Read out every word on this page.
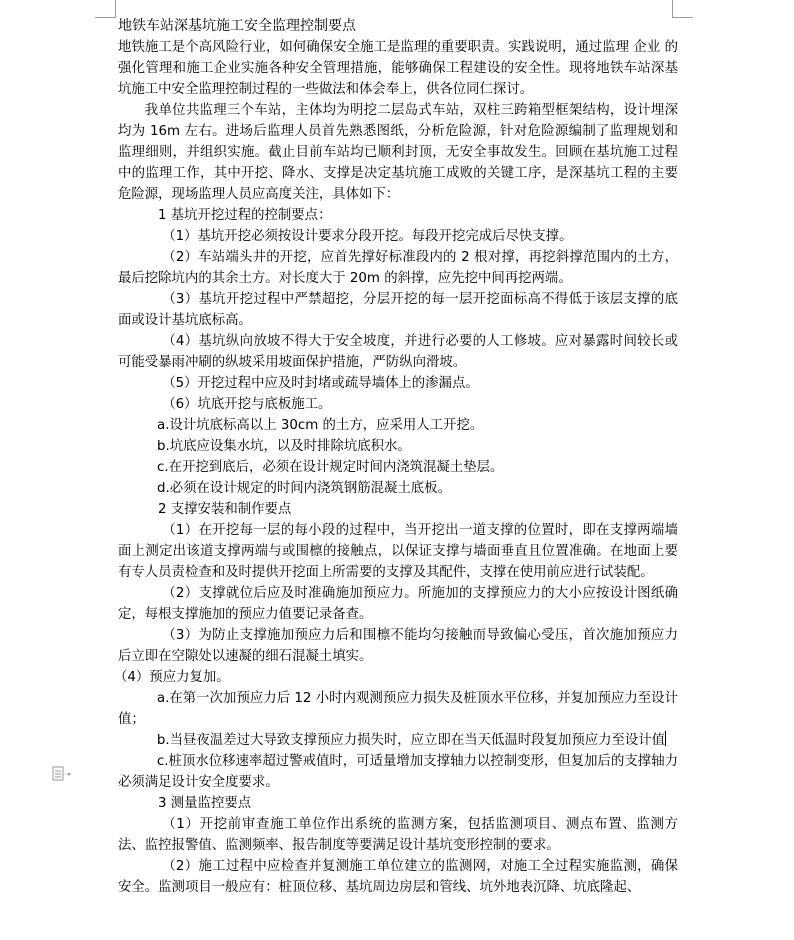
地铁车站深基坑施工安全监理控制要点

地铁施工是个高风险行业，如何确保安全施工是监理的重要职责。实践说明，通过监理 企业 的强化管理和施工企业实施各种安全管理措施，能够确保工程建设的安全性。现将地铁车站深基坑施工中安全监理控制过程的一些做法和体会奉上，供各位同仁探讨。

我单位共监理三个车站，主体均为明挖二层岛式车站，双柱三跨箱型框架结构，设计埋深均为 16m 左右。进场后监理人员首先熟悉图纸，分析危险源，针对危险源编制了监理规划和监理细则，并组织实施。截止目前车站均已顺利封顶，无安全事故发生。回顾在基坑施工过程中的监理工作，其中开挖、降水、支撑是决定基坑施工成败的关键工序，是深基坑工程的主要危险源，现场监理人员应高度关注，具体如下：

1 基坑开挖过程的控制要点：

（1）基坑开挖必须按设计要求分段开挖。每段开挖完成后尽快支撑。

（2）车站端头井的开挖，应首先撑好标准段内的 2 根对撑，再挖斜撑范围内的土方，最后挖除坑内的其余土方。对长度大于 20m 的斜撑，应先挖中间再挖两端。

（3）基坑开挖过程中严禁超挖，分层开挖的每一层开挖面标高不得低于该层支撑的底面或设计基坑底标高。

（4）基坑纵向放坡不得大于安全坡度，并进行必要的人工修坡。应对暴露时间较长或可能受暴雨冲刷的纵坡采用坡面保护措施，严防纵向滑坡。

（5）开挖过程中应及时封堵或疏导墙体上的渗漏点。

（6）坑底开挖与底板施工。

a.设计坑底标高以上 30cm 的土方，应采用人工开挖。

b.坑底应设集水坑，以及时排除坑底积水。

c.在开挖到底后，必须在设计规定时间内浇筑混凝土垫层。

d.必须在设计规定的时间内浇筑钢筋混凝土底板。

2 支撑安装和制作要点

（1）在开挖每一层的每小段的过程中，当开挖出一道支撑的位置时，即在支撑两端墙面上测定出该道支撑两端与或围檩的接触点，以保证支撑与墙面垂直且位置准确。在地面上要有专人员责检查和及时提供开挖面上所需要的支撑及其配件，支撑在使用前应进行试装配。

（2）支撑就位后应及时准确施加预应力。所施加的支撑预应力的大小应按设计图纸确定，每根支撑施加的预应力值要记录备查。

（3）为防止支撑施加预应力后和围檩不能均匀接触而导致偏心受压，首次施加预应力后立即在空隙处以速凝的细石混凝土填实。

（4）预应力复加。

a.在第一次加预应力后 12 小时内观测预应力损失及桩顶水平位移，并复加预应力至设计值；

b.当昼夜温差过大导致支撑预应力损失时，应立即在当天低温时段复加预应力至设计值

c.桩顶水位移速率超过警戒值时，可适量增加支撑轴力以控制变形，但复加后的支撑轴力必须满足设计安全度要求。

3 测量监控要点

（1）开挖前审查施工单位作出系统的监测方案，包括监测项目、测点布置、监测方法、监控报警值、监测频率、报告制度等要满足设计基坑变形控制的要求。

（2）施工过程中应检查并复测施工单位建立的监测网，对施工全过程实施监测，确保安全。监测项目一般应有：桩顶位移、基坑周边房层和管线、坑外地表沉降、坑底隆起、
